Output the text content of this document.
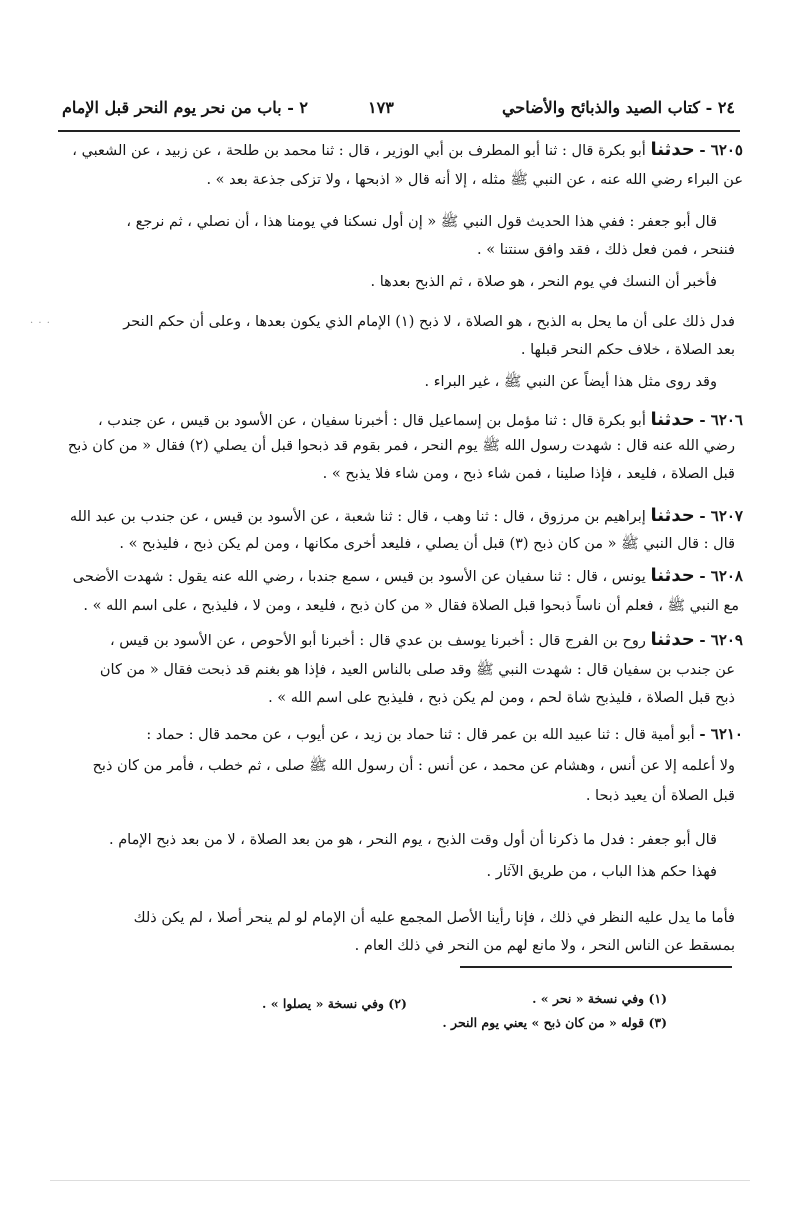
٢٤ - كتاب الصيد والذبائح والأضاحي
١٧٣
٢ - باب من نحر يوم النحر قبل الإمام
٦٢٠٥ - حدثنا أبو بكرة قال : ثنا أبو المطرف بن أبي الوزير ، قال : ثنا محمد بن طلحة ، عن زبيد ، عن الشعبي ،
عن البراء رضي الله عنه ، عن النبي ﷺ مثله ، إلا أنه قال « اذبحها ، ولا تزكى جذعة بعد » .
قال أبو جعفر : ففي هذا الحديث قول النبي ﷺ « إن أول نسكنا في يومنا هذا ، أن نصلي ، ثم نرجع ،
فننحر ، فمن فعل ذلك ، فقد وافق سنتنا » .
فأخبر أن النسك في يوم النحر ، هو صلاة ، ثم الذبح بعدها .
· · ·	فدل ذلك على أن ما يحل به الذبح ، هو الصلاة ، لا ذبح (١) الإمام الذي يكون بعدها ، وعلى أن حكم النحر
بعد الصلاة ، خلاف حكم النحر قبلها .
وقد روى مثل هذا أيضاً عن النبي ﷺ ، غير البراء .
٦٢٠٦ - حدثنا أبو بكرة قال : ثنا مؤمل بن إسماعيل قال : أخبرنا سفيان ، عن الأسود بن قيس ، عن جندب ،
رضي الله عنه قال : شهدت رسول الله ﷺ يوم النحر ، فمر بقوم قد ذبحوا قبل أن يصلي (٢) فقال « من كان ذبح
قبل الصلاة ، فليعد ، فإذا صلينا ، فمن شاء ذبح ، ومن شاء فلا يذبح » .
٦٢٠٧ - حدثنا إبراهيم بن مرزوق ، قال : ثنا وهب ، قال : ثنا شعبة ، عن الأسود بن قيس ، عن جندب بن عبد الله
قال : قال النبي ﷺ « من كان ذبح (٣) قبل أن يصلي ، فليعد أخرى مكانها ، ومن لم يكن ذبح ، فليذبح » .
٦٢٠٨ - حدثنا يونس ، قال : ثنا سفيان عن الأسود بن قيس ، سمع جندبا ، رضي الله عنه يقول : شهدت الأضحى
مع النبي ﷺ ، فعلم أن ناساً ذبحوا قبل الصلاة فقال « من كان ذبح ، فليعد ، ومن لا ، فليذبح ، على اسم الله » .
٦٢٠٩ - حدثنا روح بن الفرج قال : أخبرنا يوسف بن عدي قال : أخبرنا أبو الأحوص ، عن الأسود بن قيس ،
عن جندب بن سفيان قال : شهدت النبي ﷺ وقد صلى بالناس العيد ، فإذا هو بغنم قد ذبحت فقال « من كان
ذبح قبل الصلاة ، فليذبح شاة لحم ، ومن لم يكن ذبح ، فليذبح على اسم الله » .
٦٢١٠ - أبو أمية قال : ثنا عبيد الله بن عمر قال : ثنا حماد بن زيد ، عن أيوب ، عن محمد قال : حماد :
ولا أعلمه إلا عن أنس ، وهشام عن محمد ، عن أنس : أن رسول الله ﷺ صلى ، ثم خطب ، فأمر من كان ذبح
قبل الصلاة أن يعيد ذبحا .
قال أبو جعفر : فدل ما ذكرنا أن أول وقت الذبح ، يوم النحر ، هو من بعد الصلاة ، لا من بعد ذبح الإمام .
فهذا حكم هذا الباب ، من طريق الآثار .
فأما ما يدل عليه النظر في ذلك ، فإنا رأينا الأصل المجمع عليه أن الإمام لو لم ينحر أصلا ، لم يكن ذلك
بمسقط عن الناس النحر ، ولا مانع لهم من النحر في ذلك العام .
(١) وفي نسخة « نحر » .
(٢) وفي نسخة « يصلوا » .
(٣) قوله « من كان ذبح » يعني يوم النحر .
